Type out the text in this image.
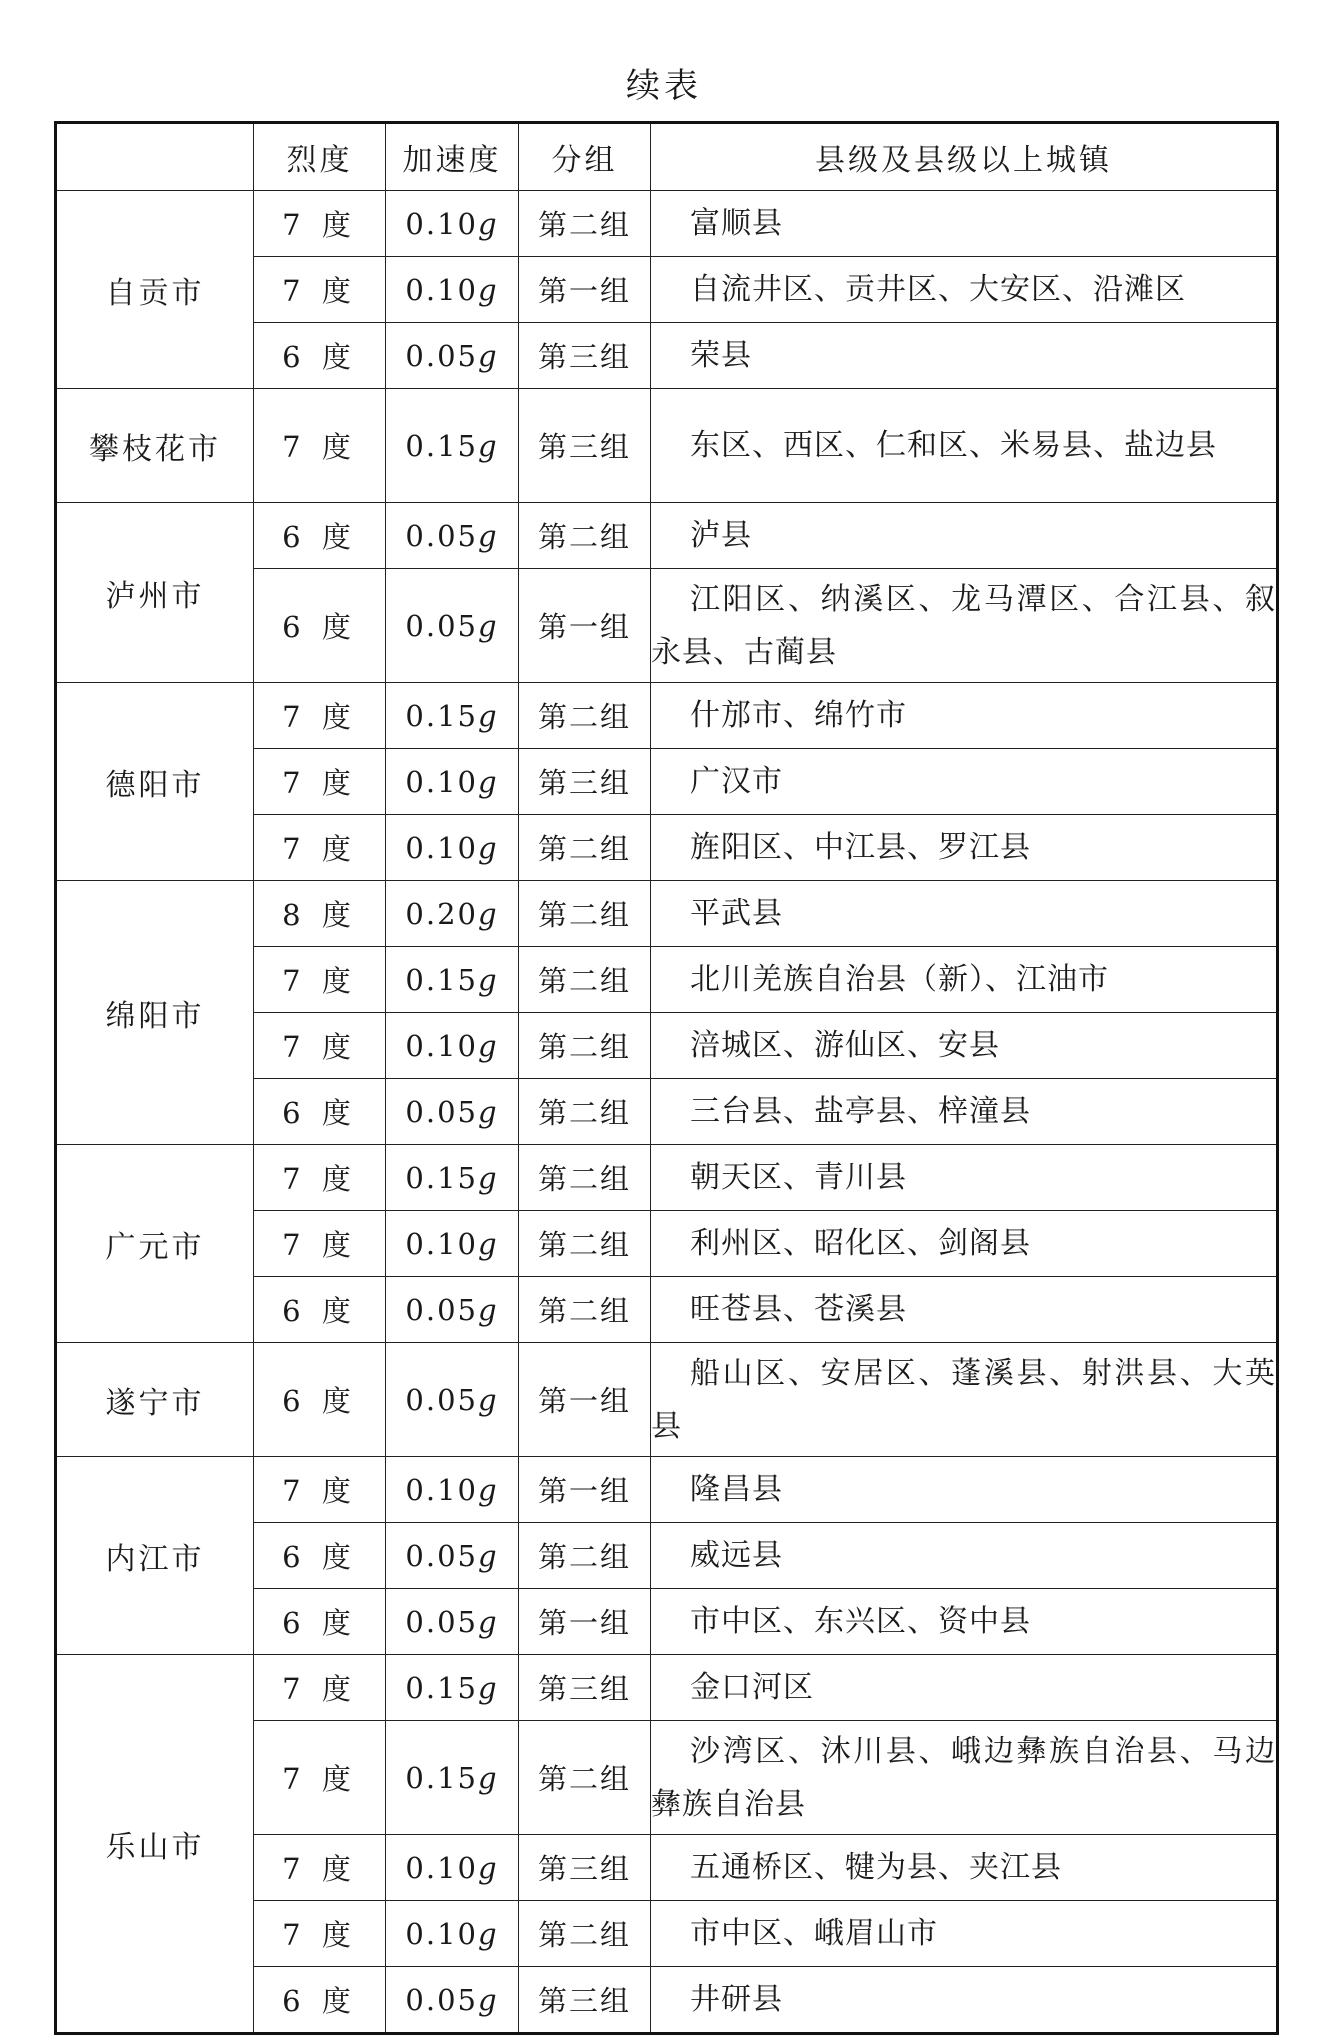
续表
	烈度	加速度	分组	县级及县级以上城镇
自贡市	7 度	0.10g	第二组	富顺县
	7 度	0.10g	第一组	自流井区、贡井区、大安区、沿滩区
	6 度	0.05g	第三组	荣县
攀枝花市	7 度	0.15g	第三组	东区、西区、仁和区、米易县、盐边县
泸州市	6 度	0.05g	第二组	泸县
	6 度	0.05g	第一组	江阳区、纳溪区、龙马潭区、合江县、叙永县、古蔺县
德阳市	7 度	0.15g	第二组	什邡市、绵竹市
	7 度	0.10g	第三组	广汉市
	7 度	0.10g	第二组	旌阳区、中江县、罗江县
绵阳市	8 度	0.20g	第二组	平武县
	7 度	0.15g	第二组	北川羌族自治县（新）、江油市
	7 度	0.10g	第二组	涪城区、游仙区、安县
	6 度	0.05g	第二组	三台县、盐亭县、梓潼县
广元市	7 度	0.15g	第二组	朝天区、青川县
	7 度	0.10g	第二组	利州区、昭化区、剑阁县
	6 度	0.05g	第二组	旺苍县、苍溪县
遂宁市	6 度	0.05g	第一组	船山区、安居区、蓬溪县、射洪县、大英县
内江市	7 度	0.10g	第一组	隆昌县
	6 度	0.05g	第二组	威远县
	6 度	0.05g	第一组	市中区、东兴区、资中县
乐山市	7 度	0.15g	第三组	金口河区
	7 度	0.15g	第二组	沙湾区、沐川县、峨边彝族自治县、马边彝族自治县
	7 度	0.10g	第三组	五通桥区、犍为县、夹江县
	7 度	0.10g	第二组	市中区、峨眉山市
	6 度	0.05g	第三组	井研县
